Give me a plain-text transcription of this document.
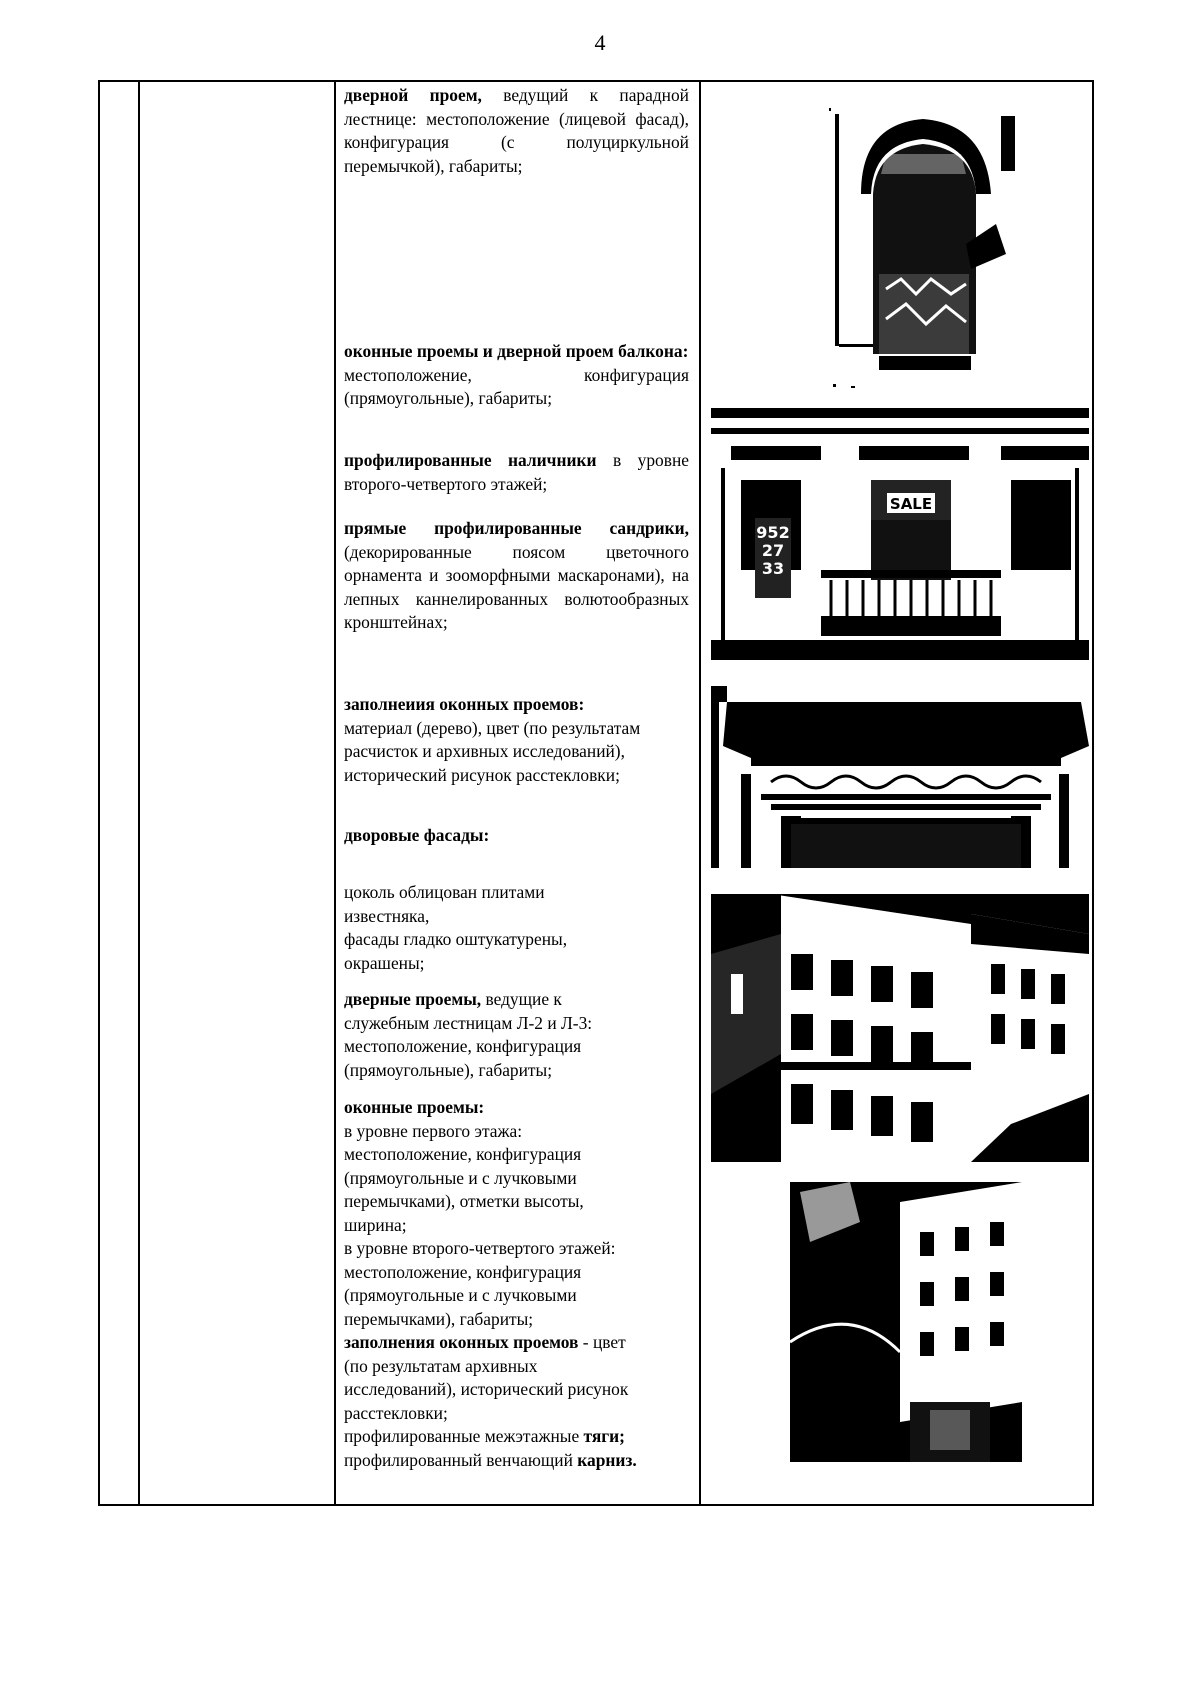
4
дверной проем, ведущий к парадной лестнице: местоположение (лицевой фасад), конфигурация (с полуциркульной перемычкой), габариты;
оконные проемы и дверной проем балкона:
местоположение, конфигурация (прямоугольные), габариты;
профилированные наличники в уровне второго-четвертого этажей;
прямые профилированные сандрики, (декорированные поясом цветочного орнамента и зооморфными маскаронами), на лепных каннелированных волютообразных кронштейнах;
заполнеиия оконных проемов:
материал (дерево), цвет (по результатам расчисток и архивных исследований), исторический рисунок расстекловки;
дворовые фасады:
цоколь облицован плитами
известняка,
фасады гладко оштукатурены,
окрашены;
дверные проемы, ведущие к
служебным лестницам Л-2 и Л-3:
местоположение, конфигурация
(прямоугольные), габариты;
оконные проемы:
в уровне первого этажа:
местоположение, конфигурация
(прямоугольные и с лучковыми
перемычками), отметки высоты,
ширина;
в уровне второго-четвертого этажей:
местоположение, конфигурация
(прямоугольные и с лучковыми
перемычками), габариты;
заполнения оконных проемов - цвет
(по результатам архивных
исследований), исторический рисунок
расстекловки;
профилированные межэтажные тяги;
профилированный венчающий карниз.
SALE
952
27
33
